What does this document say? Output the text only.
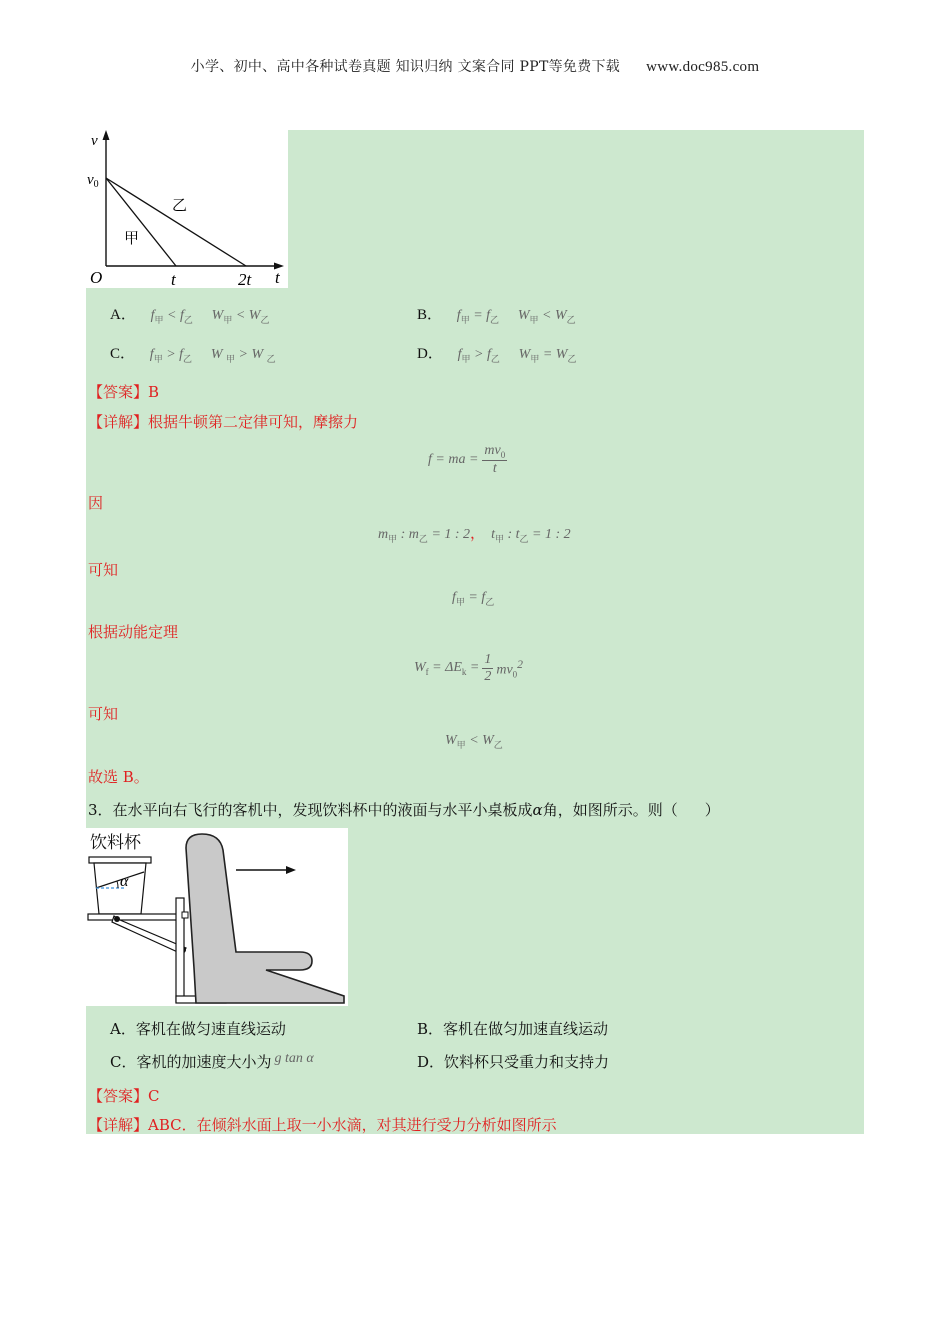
小学、初中、高中各种试卷真题 知识归纳 文案合同 PPT等免费下载 www.doc985.com
v
$v_0$
O	t	2t t
乙
甲
A． $f_甲 < f_乙$ $W_甲 < W_乙$	B． $f_甲 = f_乙$ $W_甲 < W_乙$
C． $f_甲 > f_乙$ W $_甲$ > W $_乙$	D． $f_甲 > f_乙$ $W_甲 = W_乙$
【答案】B
【详解】根据牛顿第二定律可知，摩擦力
f = ma = $\frac{mv_0}{t}$
因
$m_甲$ : $m_乙 = 1$ : 2， $t_甲$ : $t_乙 = 1$ : 2
可知
$f_甲 = f_乙$
根据动能定理
$W_f = \Delta E_k = \frac{1}{2} mv_0^2$
可知
$W_甲 < W_乙$
故选 B。
3．在水平向右飞行的客机中，发现饮料杯中的液面与水平小桌板成α角，如图所示。则（ ）
饮料杯
α
A．客机在做匀速直线运动	B．客机在做匀加速直线运动
C．客机的加速度大小为 g tan α	D．饮料杯只受重力和支持力
【答案】C
【详解】ABC．在倾斜水面上取一小水滴，对其进行受力分析如图所示
